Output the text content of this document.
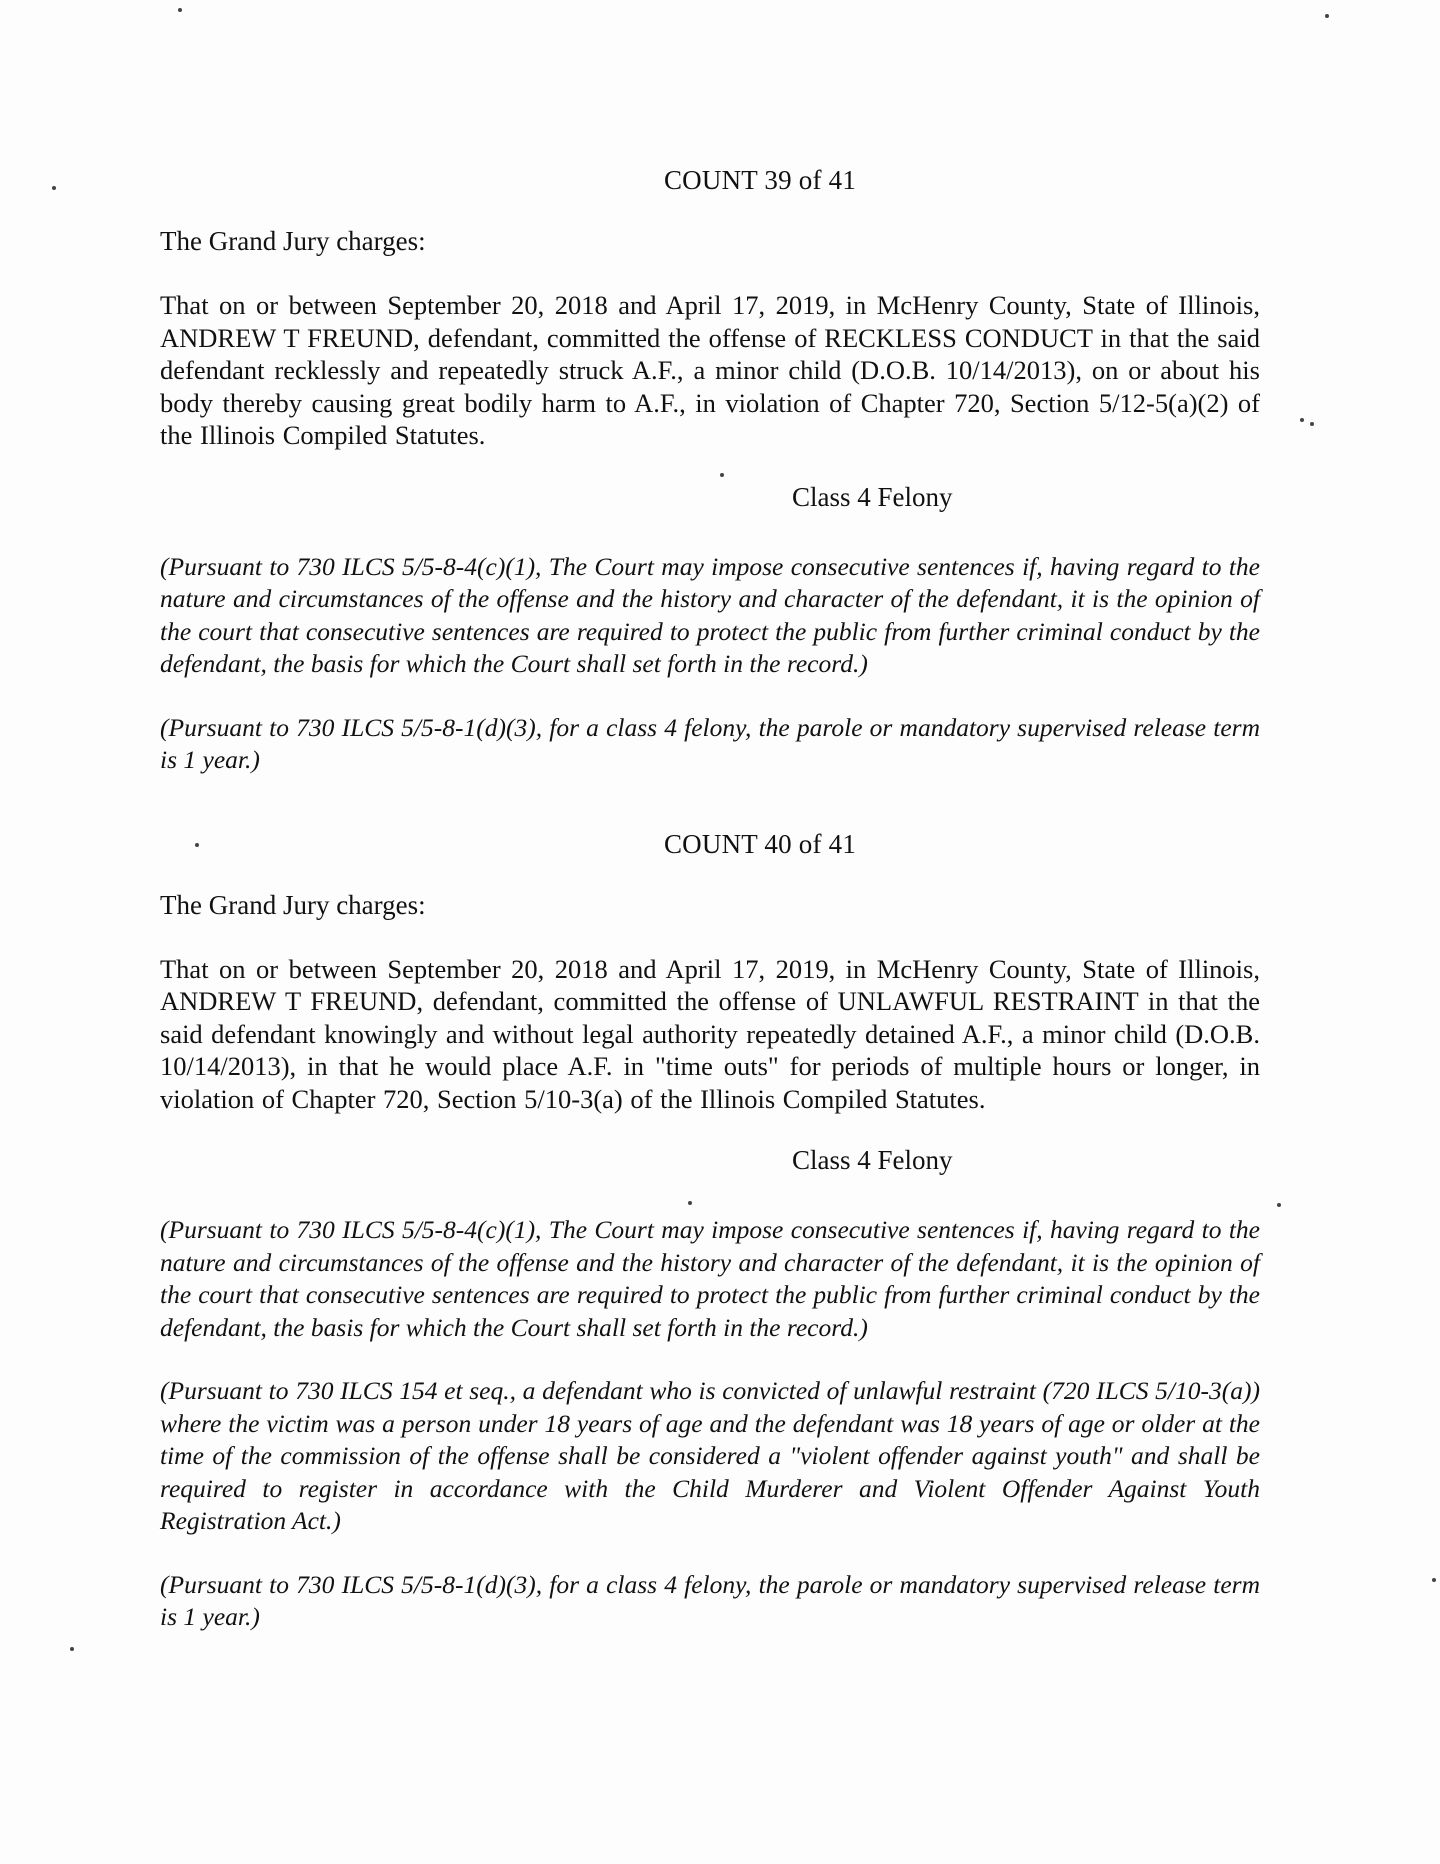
COUNT 39 of 41
The Grand Jury charges:
That on or between September 20, 2018 and April 17, 2019, in McHenry County, State of Illinois, ANDREW T FREUND, defendant, committed the offense of RECKLESS CONDUCT in that the said defendant recklessly and repeatedly struck A.F., a minor child (D.O.B. 10/14/2013), on or about his body thereby causing great bodily harm to A.F., in violation of Chapter 720, Section 5/12-5(a)(2) of the Illinois Compiled Statutes.
Class 4 Felony
(Pursuant to 730 ILCS 5/5-8-4(c)(1), The Court may impose consecutive sentences if, having regard to the nature and circumstances of the offense and the history and character of the defendant, it is the opinion of the court that consecutive sentences are required to protect the public from further criminal conduct by the defendant, the basis for which the Court shall set forth in the record.)
(Pursuant to 730 ILCS 5/5-8-1(d)(3), for a class 4 felony, the parole or mandatory supervised release term is 1 year.)
COUNT 40 of 41
The Grand Jury charges:
That on or between September 20, 2018 and April 17, 2019, in McHenry County, State of Illinois, ANDREW T FREUND, defendant, committed the offense of UNLAWFUL RESTRAINT in that the said defendant knowingly and without legal authority repeatedly detained A.F., a minor child (D.O.B. 10/14/2013), in that he would place A.F. in "time outs" for periods of multiple hours or longer, in violation of Chapter 720, Section 5/10-3(a) of the Illinois Compiled Statutes.
Class 4 Felony
(Pursuant to 730 ILCS 5/5-8-4(c)(1), The Court may impose consecutive sentences if, having regard to the nature and circumstances of the offense and the history and character of the defendant, it is the opinion of the court that consecutive sentences are required to protect the public from further criminal conduct by the defendant, the basis for which the Court shall set forth in the record.)
(Pursuant to 730 ILCS 154 et seq., a defendant who is convicted of unlawful restraint (720 ILCS 5/10-3(a)) where the victim was a person under 18 years of age and the defendant was 18 years of age or older at the time of the commission of the offense shall be considered a "violent offender against youth" and shall be required to register in accordance with the Child Murderer and Violent Offender Against Youth Registration Act.)
(Pursuant to 730 ILCS 5/5-8-1(d)(3), for a class 4 felony, the parole or mandatory supervised release term is 1 year.)
